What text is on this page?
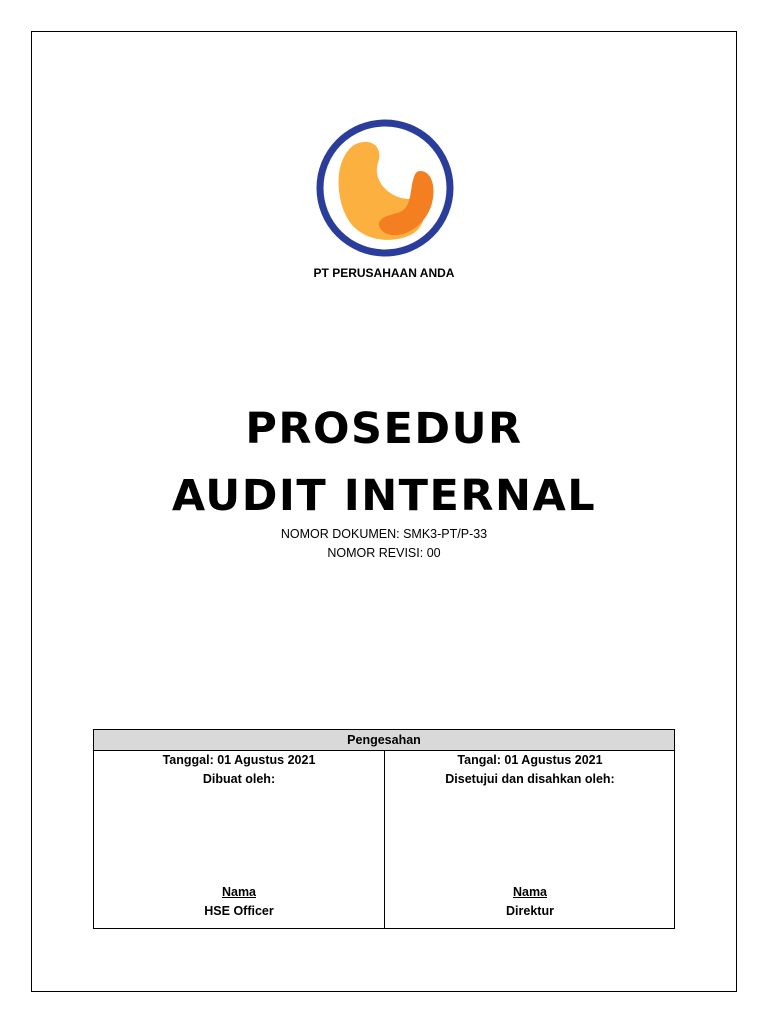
PT PERUSAHAAN ANDA
PROSEDUR
AUDIT INTERNAL
NOMOR DOKUMEN: SMK3-PT/P-33
NOMOR REVISI: 00
Pengesahan
Tanggal: 01 Agustus 2021
Dibuat oleh:
Nama
HSE Officer
Tangal: 01 Agustus 2021
Disetujui dan disahkan oleh:
Nama
Direktur
